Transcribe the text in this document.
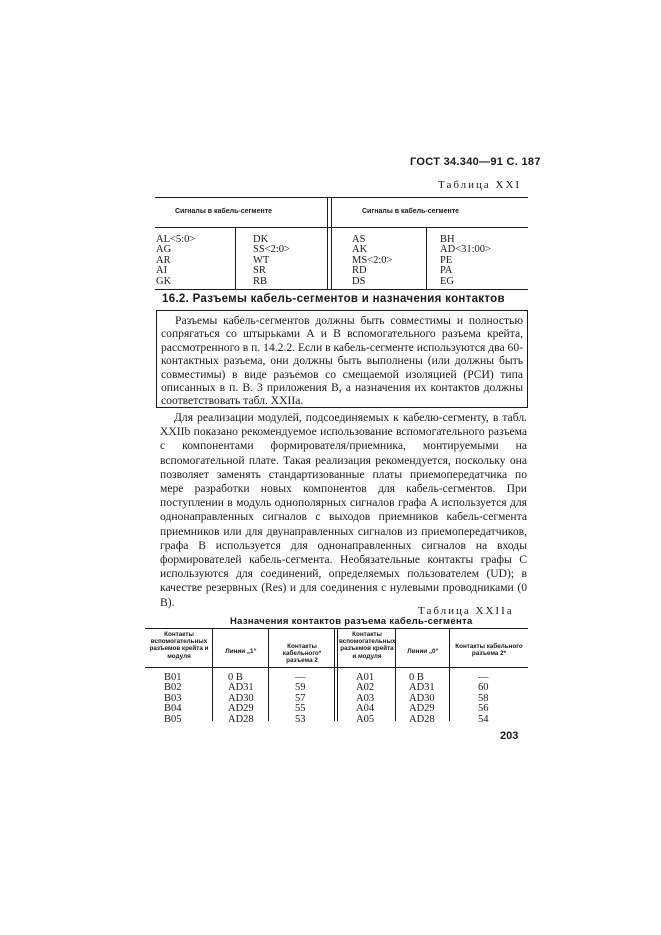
ГОСТ 34.340—91 С. 187
Таблица XXI
Сигналы в кабель-сегменте	Сигналы в кабель-сегменте
AL<5:0>
AG
AR
AI
GK
DK
SS<2:0>
WT
SR
RB
AS
AK
MS<2:0>
RD
DS
BH
AD<31:00>
PE
PA
EG
16.2. Разъемы кабель-сегментов и назначения контактов
Разъемы кабель-сегментов должны быть совместимы и полностью сопрягаться со штырьками А и В вспомогательного разъема крейта, рассмотренного в п. 14.2.2. Если в кабель-сегменте используются два 60-контактных разъема, они должны быть выполнены (или должны быть совместимы) в виде разъемов со смещаемой изоляцией (РСИ) типа описанных в п. В. 3 приложения В, а назначения их контактов должны соответствовать табл. XXIIa.
Для реализации модулей, подсоединяемых к кабелю-сегменту, в табл. XXIIb показано рекомендуемое использование вспомогательного разъема с компонентами формирователя/приемника, монтируемыми на вспомогательной плате. Такая реализация рекомендуется, поскольку она позволяет заменять стандартизованные платы приемопередатчика по мере разработки новых компонентов для кабель-сегментов. При поступлении в модуль однополярных сигналов графа А используется для однонаправленных сигналов с выходов приемников кабель-сегмента приемников или для двунаправленных сигналов из приемопередатчиков, графа В используется для однонаправленных сигналов на входы формирователей кабель-сегмента. Необязательные контакты графы С используются для соединений, определяемых пользователем (UD); в качестве резервных (Res) и для соединения с нулевыми проводниками (0 В).
Таблица XXIIa
Назначения контактов разъема кабель-сегмента
Контакты вспомогательных разъемов крейта и модуля
Линии „1“
Контакты кабельного* разъема 2
Контакты вспомогательных разъемов крейта и модуля
Линии „0“
Контакты кабельного разъема 2*
B01
B02
B03
B04
B05
0 B
AD31
AD30
AD29
AD28
—
59
57
55
53
A01
A02
A03
A04
A05
0 B
AD31
AD30
AD29
AD28
—
60
58
56
54
203
